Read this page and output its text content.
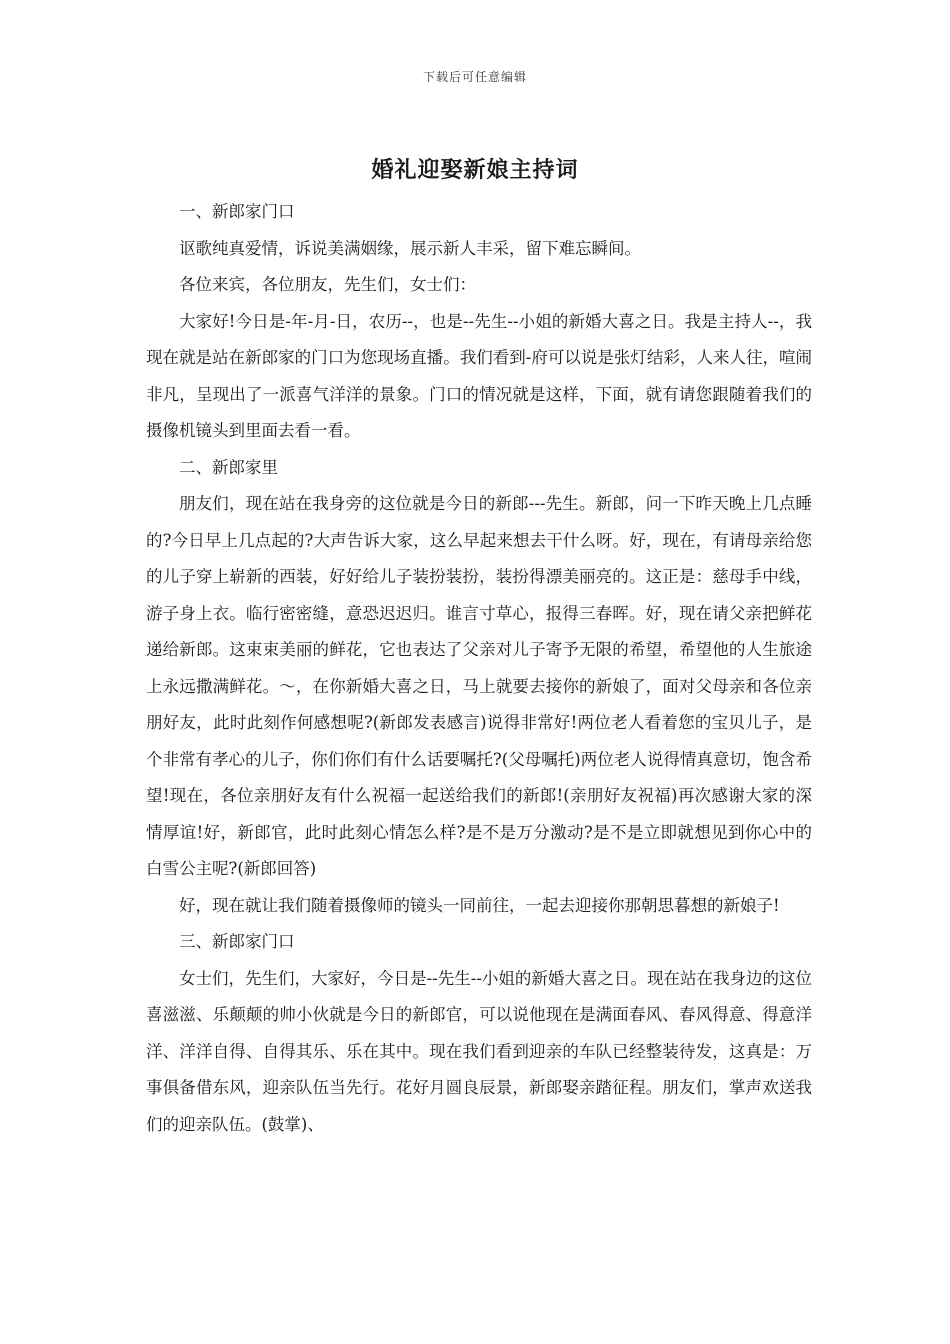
下载后可任意编辑
婚礼迎娶新娘主持词

一、新郎家门口

讴歌纯真爱情，诉说美满姻缘，展示新人丰采，留下难忘瞬间。

各位来宾，各位朋友，先生们，女士们：

大家好!今日是-年-月-日，农历--，也是--先生--小姐的新婚大喜之日。我是主持人--，我现在就是站在新郎家的门口为您现场直播。我们看到-府可以说是张灯结彩，人来人往，喧闹非凡，呈现出了一派喜气洋洋的景象。门口的情况就是这样，下面，就有请您跟随着我们的摄像机镜头到里面去看一看。

二、新郎家里

朋友们，现在站在我身旁的这位就是今日的新郎---先生。新郎，问一下昨天晚上几点睡的?今日早上几点起的?大声告诉大家，这么早起来想去干什么呀。好，现在，有请母亲给您的儿子穿上崭新的西装，好好给儿子装扮装扮，装扮得漂美丽亮的。这正是：慈母手中线，游子身上衣。临行密密缝，意恐迟迟归。谁言寸草心，报得三春晖。好，现在请父亲把鲜花递给新郎。这束束美丽的鲜花，它也表达了父亲对儿子寄予无限的希望，希望他的人生旅途上永远撒满鲜花。～，在你新婚大喜之日，马上就要去接你的新娘了，面对父母亲和各位亲朋好友，此时此刻作何感想呢?(新郎发表感言)说得非常好!两位老人看着您的宝贝儿子，是个非常有孝心的儿子，你们你们有什么话要嘱托?(父母嘱托)两位老人说得情真意切，饱含希望!现在，各位亲朋好友有什么祝福一起送给我们的新郎!(亲朋好友祝福)再次感谢大家的深情厚谊!好，新郎官，此时此刻心情怎么样?是不是万分激动?是不是立即就想见到你心中的白雪公主呢?(新郎回答)

好，现在就让我们随着摄像师的镜头一同前往，一起去迎接你那朝思暮想的新娘子!

三、新郎家门口

女士们，先生们，大家好，今日是--先生--小姐的新婚大喜之日。现在站在我身边的这位喜滋滋、乐颠颠的帅小伙就是今日的新郎官，可以说他现在是满面春风、春风得意、得意洋洋、洋洋自得、自得其乐、乐在其中。现在我们看到迎亲的车队已经整装待发，这真是：万事俱备借东风，迎亲队伍当先行。花好月圆良辰景，新郎娶亲踏征程。朋友们，掌声欢送我们的迎亲队伍。(鼓掌)、
